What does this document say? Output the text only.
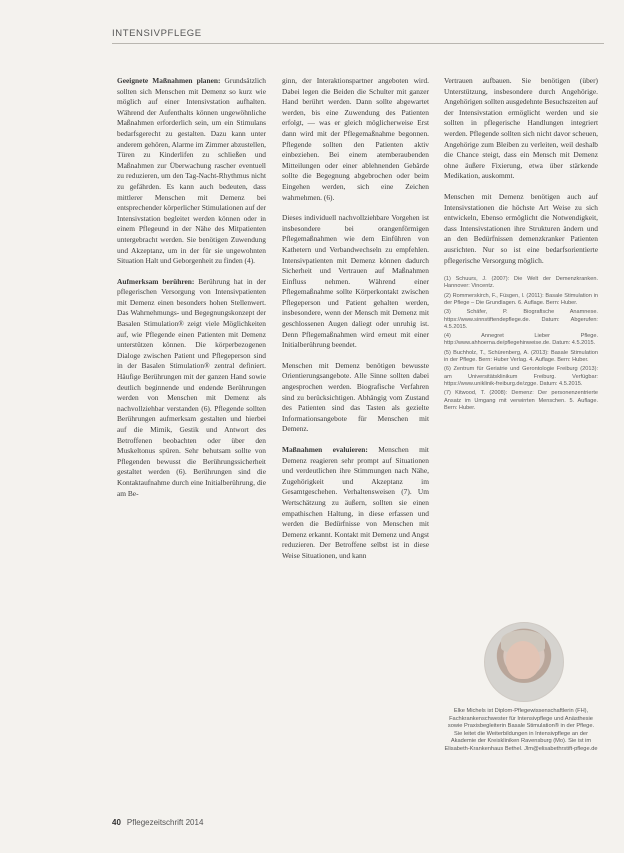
INTENSIVPFLEGE

Geeignete Maßnahmen planen: Grundsätzlich sollten sich Menschen mit Demenz so kurz wie möglich auf einer Intensivstation aufhalten. Während der Aufenthalts können ungewöhnliche Maßnahmen erforderlich sein, um ein Stimulans bedarfsgerecht zu gestalten. Dazu kann unter anderem gehören, Alarme im Zimmer abzustellen, Türen zu Kinderlifen zu schließen und Maßnahmen zur Überwachung rascher eventuell zu reduzieren, um den Tag-Nacht-Rhythmus nicht zu gefährden. Es kann auch bedeuten, dass mittlerer Menschen mit Demenz bei entsprechender körperlicher Stimulationen auf der Intensivstation begleitet werden können oder in einem Pflegeund in der Nähe des Mitpatienten untergebracht werden. Sie benötigen Zuwendung und Akzeptanz, um in der für sie ungewohnten Situation Halt und Geborgenheit zu finden (4).

Aufmerksam berühren: Berührung hat in der pflegerischen Versorgung von Intensivpatienten mit Demenz einen besonders hohen Stellenwert. Das Wahrnehmungs- und Begegnungskonzept der Basalen Stimulation® zeigt viele Möglichkeiten auf, wie Pflegende einen Patienten mit Demenz unterstützen können. Die körperbezogenen Dialoge zwischen Patient und Pflegeperson sind in der Basalen Stimulation® zentral definiert. Häufige Berührungen mit der ganzen Hand sowie deutlich beginnende und endende Berührungen werden von Menschen mit Demenz als nachvollziehbar verstanden (6). Pflegende sollten Berührungen aufmerksam gestalten und hierbei auf die Mimik, Gestik und Antwort des Betroffenen beobachten oder über den Muskeltonus spüren. Sehr behutsam sollte von Pflegenden bewusst die Berührungssicherheit gestaltet werden (6). Berührungen sind die Kontaktaufnahme durch eine Initialberührung, die am Be-

ginn, der Interaktionspartner angeboten wird. Dabei legen die Beiden die Schulter mit ganzer Hand berührt werden. Dann sollte abgewartet werden, bis eine Zuwendung des Patienten erfolgt, — was er gleich möglicherweise Erst dann wird mit der Pflegemaßnahme begonnen. Pflegende sollten den Patienten aktiv einbeziehen. Bei einem atemberaubenden Mitteilungen oder einer ablehnenden Gebärde sollte die Begegnung abgebrochen oder beim Eingehen werden, sich eine Zeichen wahrnehmen. (6).

Dieses individuell nachvollziehbare Vorgehen ist insbesondere bei orangenförmigen Pflegemaßnahmen wie dem Einführen von Kathetern und Verbandwechseln zu empfehlen. Intensivpatienten mit Demenz können dadurch Sicherheit und Vertrauen auf Maßnahmen Einfluss nehmen. Während einer Pflegemaßnahme sollte Körperkontakt zwischen Pflegeperson und Patient gehalten werden, insbesondere, wenn der Mensch mit Demenz mit geschlossenen Augen daliegt oder unruhig ist. Denn Pflegemaßnahmen wird erneut mit einer Initialberührung beendet.

Menschen mit Demenz benötigen bewusste Orientierungsangebote. Alle Sinne sollten dabei angesprochen werden. Biografische Verfahren sind zu berücksichtigen. Abhängig vom Zustand des Patienten sind das Tasten als gezielte Informationsangebote für Menschen mit Demenz.

Maßnahmen evaluieren: Menschen mit Demenz reagieren sehr prompt auf Situationen und verdeutlichen ihre Stimmungen nach Nähe, Zugehörigkeit und Akzeptanz im Gesamtgeschehen. Verhaltensweisen (7). Um Wertschätzung zu äußern, sollten sie einen empathischen Haltung, in diese erfassen und werden die Bedürfnisse von Menschen mit Demenz erkannt. Kontakt mit Demenz und Angst reduzieren. Der Betroffene selbst ist in diese Weise Situationen, und kann

Vertrauen aufbauen. Sie benötigen (über) Unterstützung, insbesondere durch Angehörige. Angehörigen sollten ausgedehnte Besuchszeiten auf der Intensivstation ermöglicht werden und sie sollten in pflegerische Handlungen integriert werden. Pflegende sollten sich nicht davor scheuen, Angehörige zum Bleiben zu verleiten, weil deshalb die Chance steigt, dass ein Mensch mit Demenz ohne äußere Fixierung, etwa über stärkende Medikation, auskommt.

Menschen mit Demenz benötigen auch auf Intensivstationen die höchste Art Weise zu sich entwickeln, Ebenso ermöglicht die Notwendigkeit, dass Intensivstationen ihre Strukturen ändern und an den Bedürfnissen demenzkranker Patienten ausrichten. Nur so ist eine bedarfsorientierte pflegerische Versorgung möglich.

(1) Schuurs, J. (2007): Die Welt der Demenzkranken. Hannover: Vincentz.
(2) Rommerskirch, F., Füsgen, I. (2011): Basale Stimulation in der Pflege – Die Grundlagen. 6. Auflage. Bern: Huber.
(3) Schäfer, P. Biografische Anamnese. https://www.sinnstiftendepflege.de. Datum: Abgerufen: 4.5.2015.
(4) Annegret Lieber Pflege. http://www.ahhoerna.de/pflegehinweise.de. Datum: 4.5.2015.
(5) Buchholz, T., Schürenberg, A. (2013): Basale Stimulation in der Pflege. Bern: Huber Verlag. 4. Auflage. Bern: Huber.
(6) Zentrum für Geriatrie und Gerontologie Freiburg (2013): am Universitätsklinikum Freiburg. Verfügbar: https://www.uniklinik-freiburg.de/zgge. Datum: 4.5.2015.
(7) Kitwood, T. (2008): Demenz: Der personenzentrierte Ansatz im Umgang mit verwirrten Menschen. 5. Auflage. Bern: Huber.
Elke Michels ist Diplom-Pflegewissenschaftlerin (FH), Fachkrankenschwester für Intensivpflege und Anästhesie sowie Praxisbegleiterin Basale Stimulation® in der Pflege. Sie leitet die Weiterbildungen in Intensivpflege an der Akademie der Kreiskliniken Ravensburg (Mo). Sie ist im Elisabeth-Krankenhaus Bethel. Jlm@elisabethrstift-pflege.de
40 Pflegezeitschrift 2014
